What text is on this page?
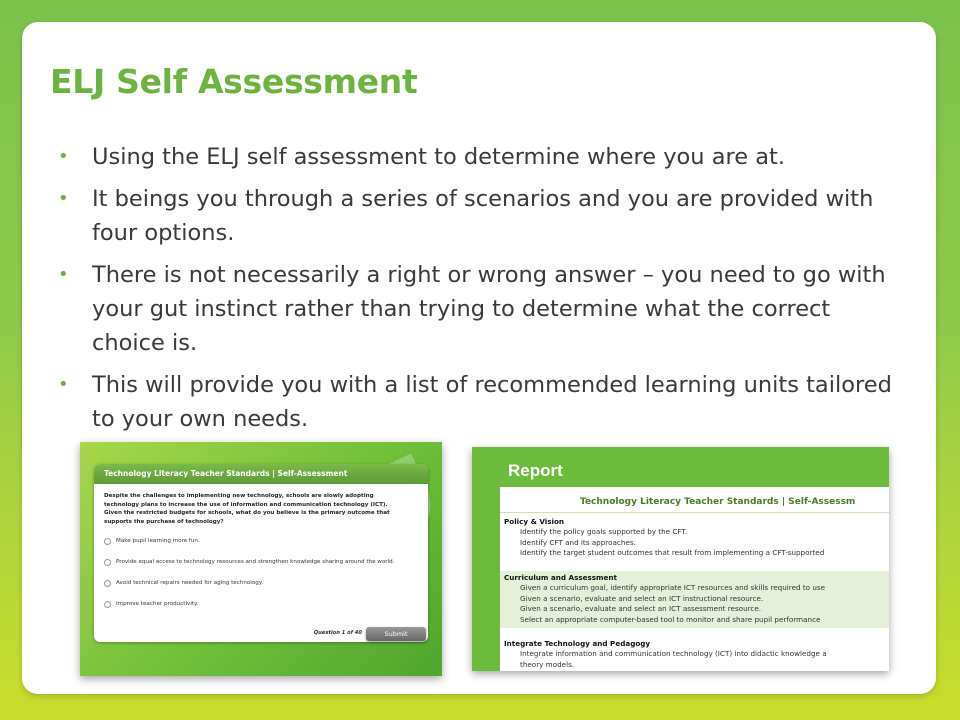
ELJ Self Assessment
• Using the ELJ self assessment to determine where you are at.
• It beings you through a series of scenarios and you are provided with four options.
• There is not necessarily a right or wrong answer – you need to go with your gut instinct rather than trying to determine what the correct choice is.
• This will provide you with a list of recommended learning units tailored to your own needs.
Technology Literacy Teacher Standards | Self-Assessment
Despite the challenges to implementing new technology, schools are slowly adopting technology plans to increase the use of information and communication technology (ICT). Given the restricted budgets for schools, what do you believe is the primary outcome that supports the purchase of technology?
Make pupil learning more fun.
Provide equal access to technology resources and strengthen knowledge sharing around the world.
Avoid technical repairs needed for aging technology.
Improve teacher productivity.
Question 1 of 40	Submit
Report
Technology Literacy Teacher Standards | Self-Assessm
Policy & Vision
Identify the policy goals supported by the CFT.
Identify CFT and its approaches.
Identify the target student outcomes that result from implementing a CFT-supported
Curriculum and Assessment
Given a curriculum goal, identify appropriate ICT resources and skills required to use
Given a scenario, evaluate and select an ICT instructional resource.
Given a scenario, evaluate and select an ICT assessment resource.
Select an appropriate computer-based tool to monitor and share pupil performance
Integrate Technology and Pedagogy
Integrate information and communication technology (ICT) into didactic knowledge a
theory models.
